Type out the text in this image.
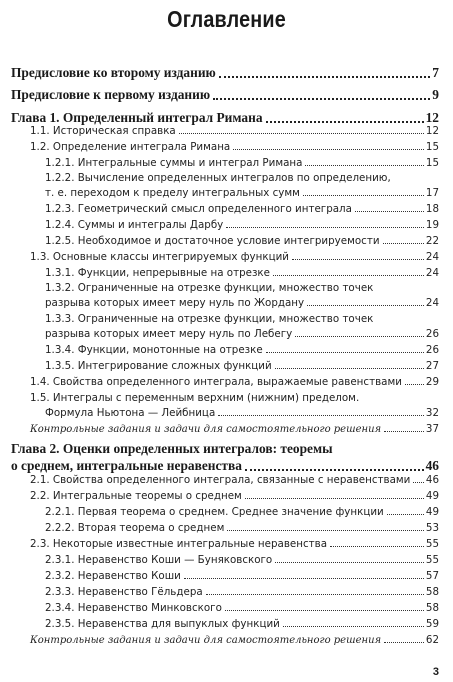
Оглавление
Предисловие ко второму изданию	7
Предисловие к первому изданию	9
Глава 1. Определенный интеграл Римана	12
1.1. Историческая справка	12
1.2. Определение интеграла Римана	15
1.2.1. Интегральные суммы и интеграл Римана	15
1.2.2. Вычисление определенных интегралов по определению,
т. е. переходом к пределу интегральных сумм	17
1.2.3. Геометрический смысл определенного интеграла	18
1.2.4. Суммы и интегралы Дарбу	19
1.2.5. Необходимое и достаточное условие интегрируемости	22
1.3. Основные классы интегрируемых функций	24
1.3.1. Функции, непрерывные на отрезке	24
1.3.2. Ограниченные на отрезке функции, множество точек
разрыва которых имеет меру нуль по Жордану	24
1.3.3. Ограниченные на отрезке функции, множество точек
разрыва которых имеет меру нуль по Лебегу	26
1.3.4. Функции, монотонные на отрезке	26
1.3.5. Интегрирование сложных функций	27
1.4. Свойства определенного интеграла, выражаемые равенствами 29
1.5. Интегралы с переменным верхним (нижним) пределом.
Формула Ньютона — Лейбница	32
Контрольные задания и задачи для самостоятельного решения	37
Глава 2. Оценки определенных интегралов: теоремы
о среднем, интегральные неравенства	46
2.1. Свойства определенного интеграла, связанные с неравенствами 46
2.2. Интегральные теоремы о среднем	49
2.2.1. Первая теорема о среднем. Среднее значение функции	49
2.2.2. Вторая теорема о среднем	53
2.3. Некоторые известные интегральные неравенства	55
2.3.1. Неравенство Коши — Буняковского	55
2.3.2. Неравенство Коши	57
2.3.3. Неравенство Гёльдера	58
2.3.4. Неравенство Минковского	58
2.3.5. Неравенства для выпуклых функций	59
Контрольные задания и задачи для самостоятельного решения	62
3
